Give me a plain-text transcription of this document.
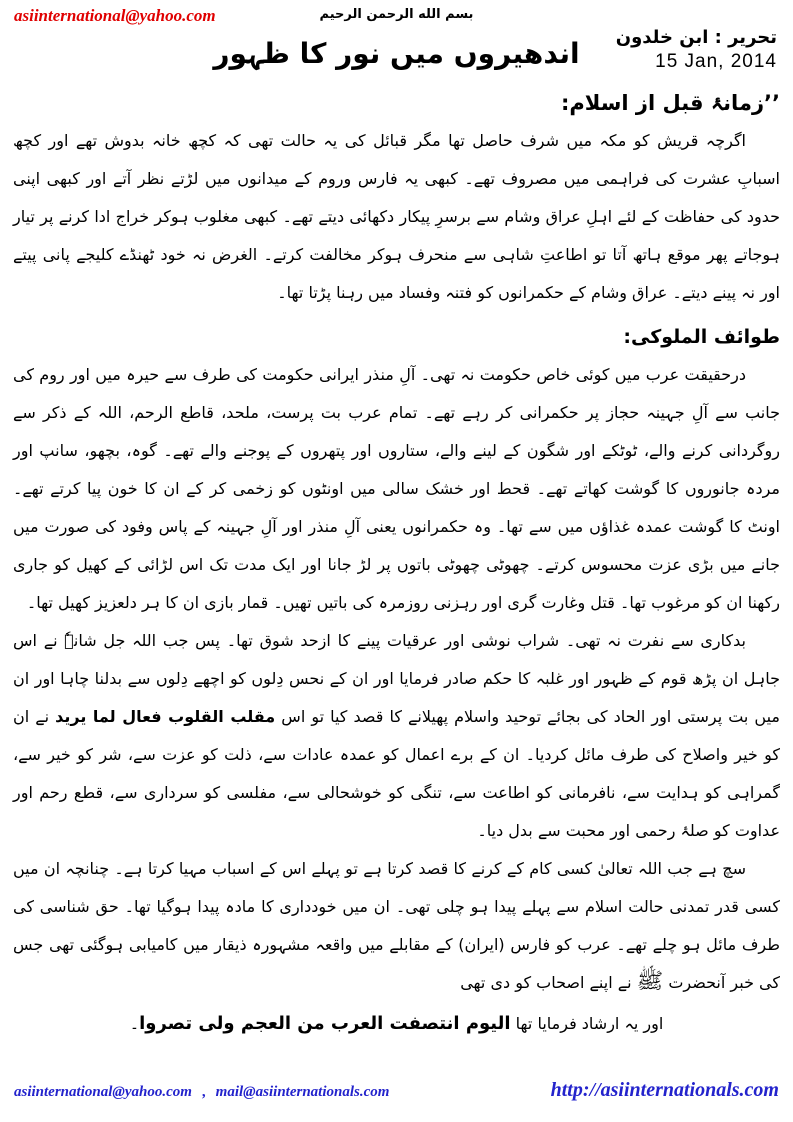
asiinternational@yahoo.com	بسم الله الرحمن الرحيم
تحریر : ابن خلدون
15 Jan, 2014
اندھیروں میں نور کا ظہور
’’زمانۂ قبل از اسلام:

اگرچہ قریش کو مکہ میں شرف حاصل تھا مگر قبائل کی یہ حالت تھی کہ کچھ خانہ بدوش تھے اور کچھ اسبابِ عشرت کی فراہمی میں مصروف تھے۔ کبھی یہ فارس وروم کے میدانوں میں لڑتے نظر آتے اور کبھی اپنی حدود کی حفاظت کے لئے اہلِ عراق وشام سے برسرِ پیکار دکھائی دیتے تھے۔ کبھی مغلوب ہوکر خراج ادا کرنے پر تیار ہوجاتے پھر موقع ہاتھ آتا تو اطاعتِ شاہی سے منحرف ہوکر مخالفت کرتے۔ الغرض نہ خود ٹھنڈے کلیجے پانی پیتے اور نہ پینے دیتے۔ عراق وشام کے حکمرانوں کو فتنہ وفساد میں رہنا پڑتا تھا۔

طوائف الملوکی:

درحقیقت عرب میں کوئی خاص حکومت نہ تھی۔ آلِ منذر ایرانی حکومت کی طرف سے حیرہ میں اور روم کی جانب سے آلِ جہینہ حجاز پر حکمرانی کر رہے تھے۔ تمام عرب بت پرست، ملحد، قاطع الرحم، اللہ کے ذکر سے روگردانی کرنے والے، ٹوٹکے اور شگون کے لینے والے، ستاروں اور پتھروں کے پوجنے والے تھے۔ گوہ، بچھو، سانپ اور مردہ جانوروں کا گوشت کھاتے تھے۔ قحط اور خشک سالی میں اونٹوں کو زخمی کر کے ان کا خون پیا کرتے تھے۔ اونٹ کا گوشت عمدہ غذاؤں میں سے تھا۔ وہ حکمرانوں یعنی آلِ منذر اور آلِ جہینہ کے پاس وفود کی صورت میں جانے میں بڑی عزت محسوس کرتے۔ چھوٹی چھوٹی باتوں پر لڑ جانا اور ایک مدت تک اس لڑائی کے کھیل کو جاری رکھنا ان کو مرغوب تھا۔ قتل وغارت گری اور رہزنی روزمرہ کی باتیں تھیں۔ قمار بازی ان کا ہر دلعزیز کھیل تھا۔

بدکاری سے نفرت نہ تھی۔ شراب نوشی اور عرقیات پینے کا ازحد شوق تھا۔ پس جب اللہ جل شانہٗ نے اس جاہل ان پڑھ قوم کے ظہور اور غلبہ کا حکم صادر فرمایا اور ان کے نحس دِلوں کو اچھے دِلوں سے بدلنا چاہا اور ان میں بت پرستی اور الحاد کی بجائے توحید واسلام پھیلانے کا قصد کیا تو اس مقلب القلوب فعال لما يريد نے ان کو خیر واصلاح کی طرف مائل کردیا۔ ان کے برے اعمال کو عمدہ عادات سے، ذلت کو عزت سے، شر کو خیر سے، گمراہی کو ہدایت سے، نافرمانی کو اطاعت سے، تنگی کو خوشحالی سے، مفلسی کو سرداری سے، قطع رحم اور عداوت کو صلۂ رحمی اور محبت سے بدل دیا۔

سچ ہے جب اللہ تعالیٰ کسی کام کے کرنے کا قصد کرتا ہے تو پہلے اس کے اسباب مہیا کرتا ہے۔ چنانچہ ان میں کسی قدر تمدنی حالت اسلام سے پہلے پیدا ہو چلی تھی۔ ان میں خودداری کا مادہ پیدا ہوگیا تھا۔ حق شناسی کی طرف مائل ہو چلے تھے۔ عرب کو فارس (ایران) کے مقابلے میں واقعہ مشہورہ ذیقار میں کامیابی ہوگئی تھی جس کی خبر آنحضرت ﷺ نے اپنے اصحاب کو دی تھی

اور یہ ارشاد فرمایا تھا اليوم انتصفت العرب من العجم ولی تصروا۔
asiinternational@yahoo.com , mail@asiinternationals.com	http://asiinternationals.com
